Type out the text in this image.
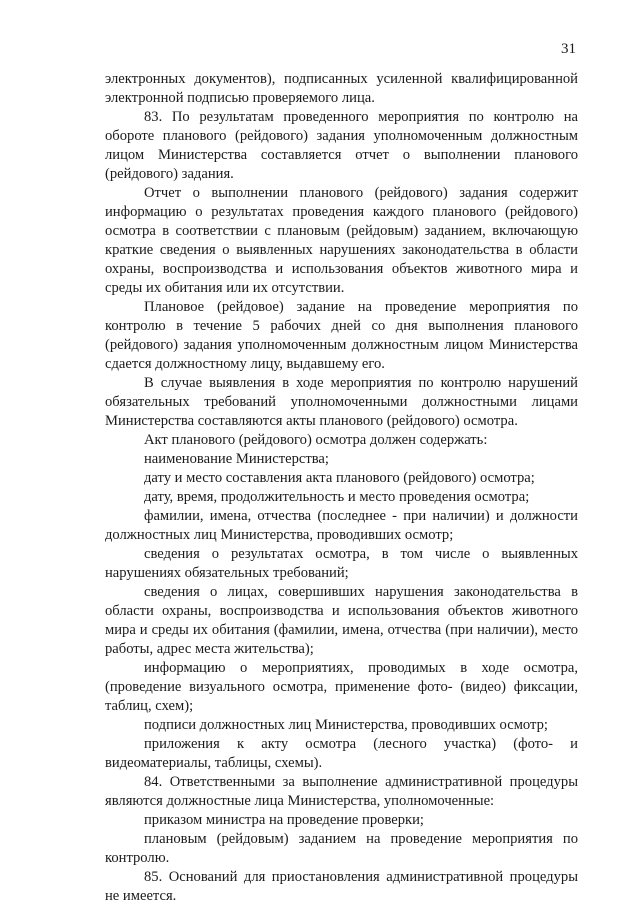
31

электронных документов), подписанных усиленной квалифицированной электронной подписью проверяемого лица.

83. По результатам проведенного мероприятия по контролю на обороте планового (рейдового) задания уполномоченным должностным лицом Министерства составляется отчет о выполнении планового (рейдового) задания.

Отчет о выполнении планового (рейдового) задания содержит информацию о результатах проведения каждого планового (рейдового) осмотра в соответствии с плановым (рейдовым) заданием, включающую краткие сведения о выявленных нарушениях законодательства в области охраны, воспроизводства и использования объектов животного мира и среды их обитания или их отсутствии.

Плановое (рейдовое) задание на проведение мероприятия по контролю в течение 5 рабочих дней со дня выполнения планового (рейдового) задания уполномоченным должностным лицом Министерства сдается должностному лицу, выдавшему его.

В случае выявления в ходе мероприятия по контролю нарушений обязательных требований уполномоченными должностными лицами Министерства составляются акты планового (рейдового) осмотра.

Акт планового (рейдового) осмотра должен содержать:

наименование Министерства;

дату и место составления акта планового (рейдового) осмотра;

дату, время, продолжительность и место проведения осмотра;

фамилии, имена, отчества (последнее - при наличии) и должности должностных лиц Министерства, проводивших осмотр;

сведения о результатах осмотра, в том числе о выявленных нарушениях обязательных требований;

сведения о лицах, совершивших нарушения законодательства в области охраны, воспроизводства и использования объектов животного мира и среды их обитания (фамилии, имена, отчества (при наличии), место работы, адрес места жительства);

информацию о мероприятиях, проводимых в ходе осмотра, (проведение визуального осмотра, применение фото- (видео) фиксации, таблиц, схем);

подписи должностных лиц Министерства, проводивших осмотр;

приложения к акту осмотра (лесного участка) (фото- и видеоматериалы, таблицы, схемы).

84. Ответственными за выполнение административной процедуры являются должностные лица Министерства, уполномоченные:

приказом министра на проведение проверки;

плановым (рейдовым) заданием на проведение мероприятия по контролю.

85. Оснований для приостановления административной процедуры не имеется.
